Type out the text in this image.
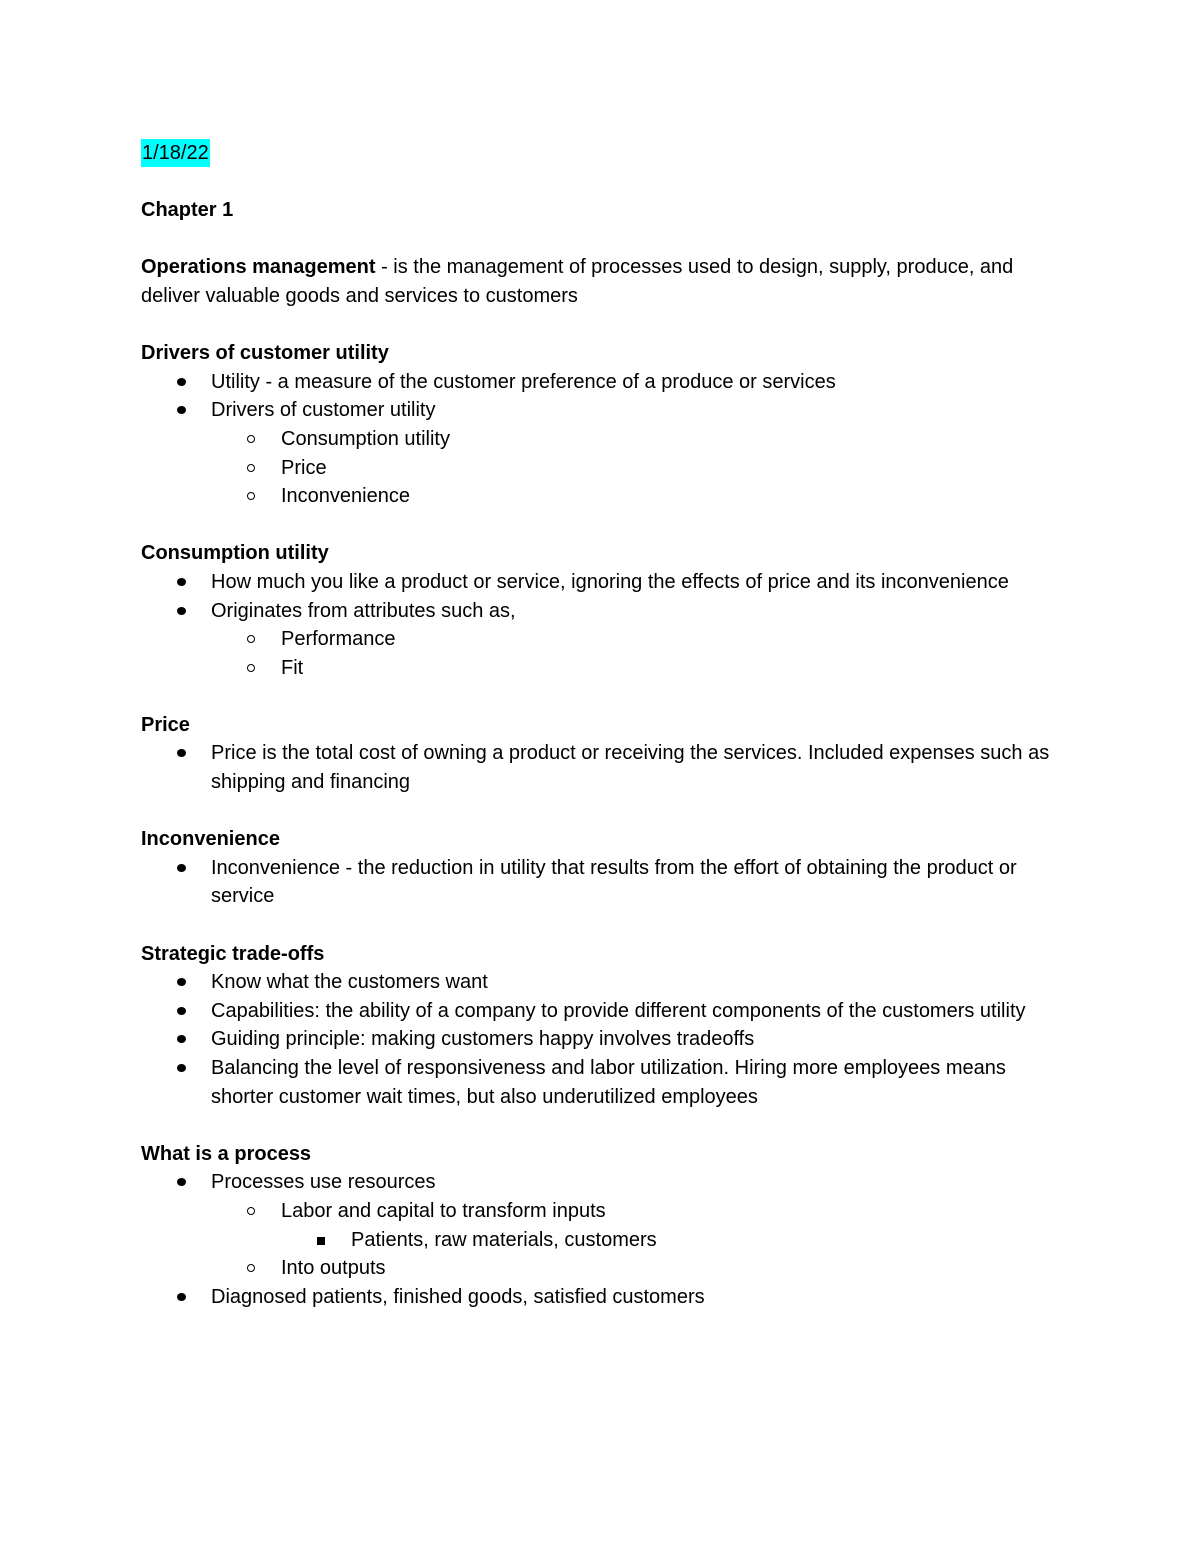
1/18/22

Chapter 1

Operations management - is the management of processes used to design, supply, produce, and deliver valuable goods and services to customers

Drivers of customer utility

Utility - a measure of the customer preference of a produce or services
Drivers of customer utility
Consumption utility
Price
Inconvenience

Consumption utility

How much you like a product or service, ignoring the effects of price and its inconvenience
Originates from attributes such as,
Performance
Fit

Price

Price is the total cost of owning a product or receiving the services. Included expenses such as shipping and financing

Inconvenience

Inconvenience - the reduction in utility that results from the effort of obtaining the product or service

Strategic trade-offs

Know what the customers want
Capabilities: the ability of a company to provide different components of the customers utility
Guiding principle: making customers happy involves tradeoffs
Balancing the level of responsiveness and labor utilization. Hiring more employees means shorter customer wait times, but also underutilized employees

What is a process

Processes use resources
Labor and capital to transform inputs
Patients, raw materials, customers
Into outputs
Diagnosed patients, finished goods, satisfied customers
